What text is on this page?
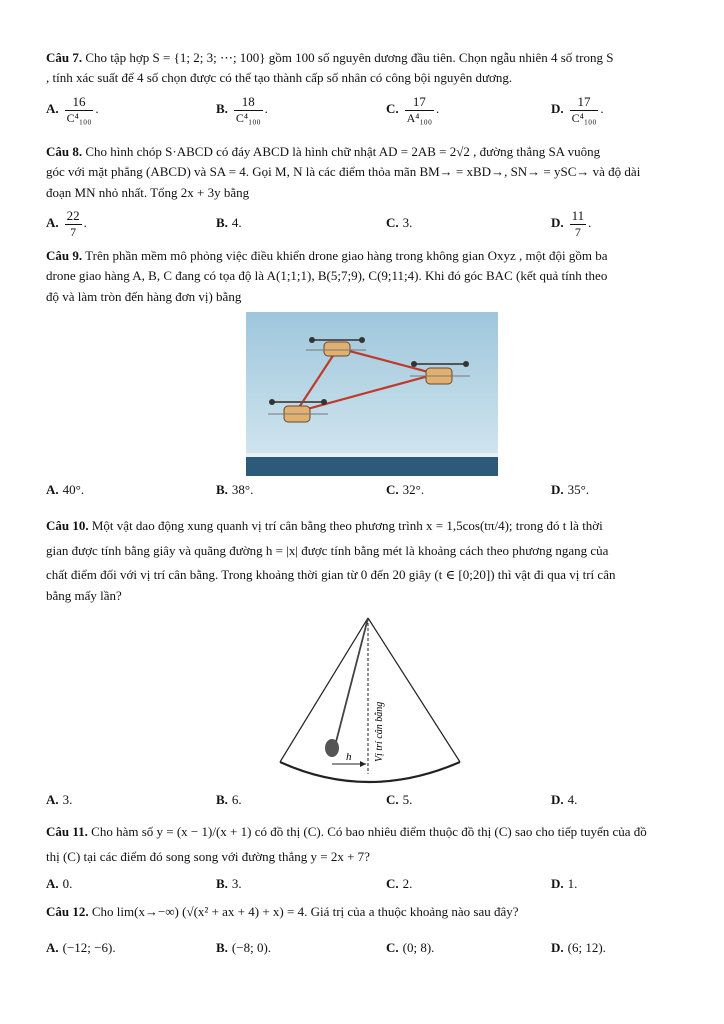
Câu 7. Cho tập hợp S = {1; 2; 3; ⋯; 100} gồm 100 số nguyên dương đầu tiên. Chọn ngẫu nhiên 4 số trong S
, tính xác suất để 4 số chọn được có thể tạo thành cấp số nhân có công bội nguyên dương.
A. $\frac{16}{\text{C⁴₁₀₀}}$ .	B. $\frac{18}{\text{C⁴₁₀₀}}$ .	C. $\frac{17}{\text{A⁴₁₀₀}}$ .	D. $\frac{17}{\text{C⁴₁₀₀}}$ .
Câu 8. Cho hình chóp S·ABCD có đáy ABCD là hình chữ nhật AD = 2AB = 2√2 , đường thẳng SA vuông
góc với mặt phẳng (ABCD) và SA = 4. Gọi M, N là các điểm thỏa mãn BM→ = xBD→, SN→ = ySC→ và độ dài
đoạn MN nhỏ nhất. Tổng 2x + 3y bằng
A. $\frac{22}{7}$ .	B. 4.	C. 3.	D. $\frac{11}{7}$ .
Câu 9. Trên phần mềm mô phỏng việc điều khiển drone giao hàng trong không gian Oxyz , một đội gồm ba
drone giao hàng A, B, C đang có tọa độ là A(1;1;1), B(5;7;9), C(9;11;4). Khi đó góc BAC (kết quả tính theo
độ và làm tròn đến hàng đơn vị) bằng
A. 40°.	B. 38°.	C. 32°.	D. 35°.
Câu 10. Một vật dao động xung quanh vị trí cân bằng theo phương trình x = 1,5cos(tπ/4); trong đó t là thời
gian được tính bằng giây và quãng đường h = |x| được tính bằng mét là khoảng cách theo phương ngang của
chất điểm đối với vị trí cân bằng. Trong khoảng thời gian từ 0 đến 20 giây (t ∈ [0;20]) thì vật đi qua vị trí cân
bằng mấy lần?
h Vị trí cân bằng
A. 3.	B. 6.	C. 5.	D. 4.
Câu 11. Cho hàm số y = (x − 1)/(x + 1) có đồ thị (C). Có bao nhiêu điểm thuộc đồ thị (C) sao cho tiếp tuyến của đồ
thị (C) tại các điểm đó song song với đường thẳng y = 2x + 7?
A. 0.	B. 3.	C. 2.	D. 1.
Câu 12. Cho lim(x→−∞) (√(x² + ax + 4) + x) = 4. Giá trị của a thuộc khoảng nào sau đây?
A. (−12; −6).	B. (−8; 0).	C. (0; 8).	D. (6; 12).
